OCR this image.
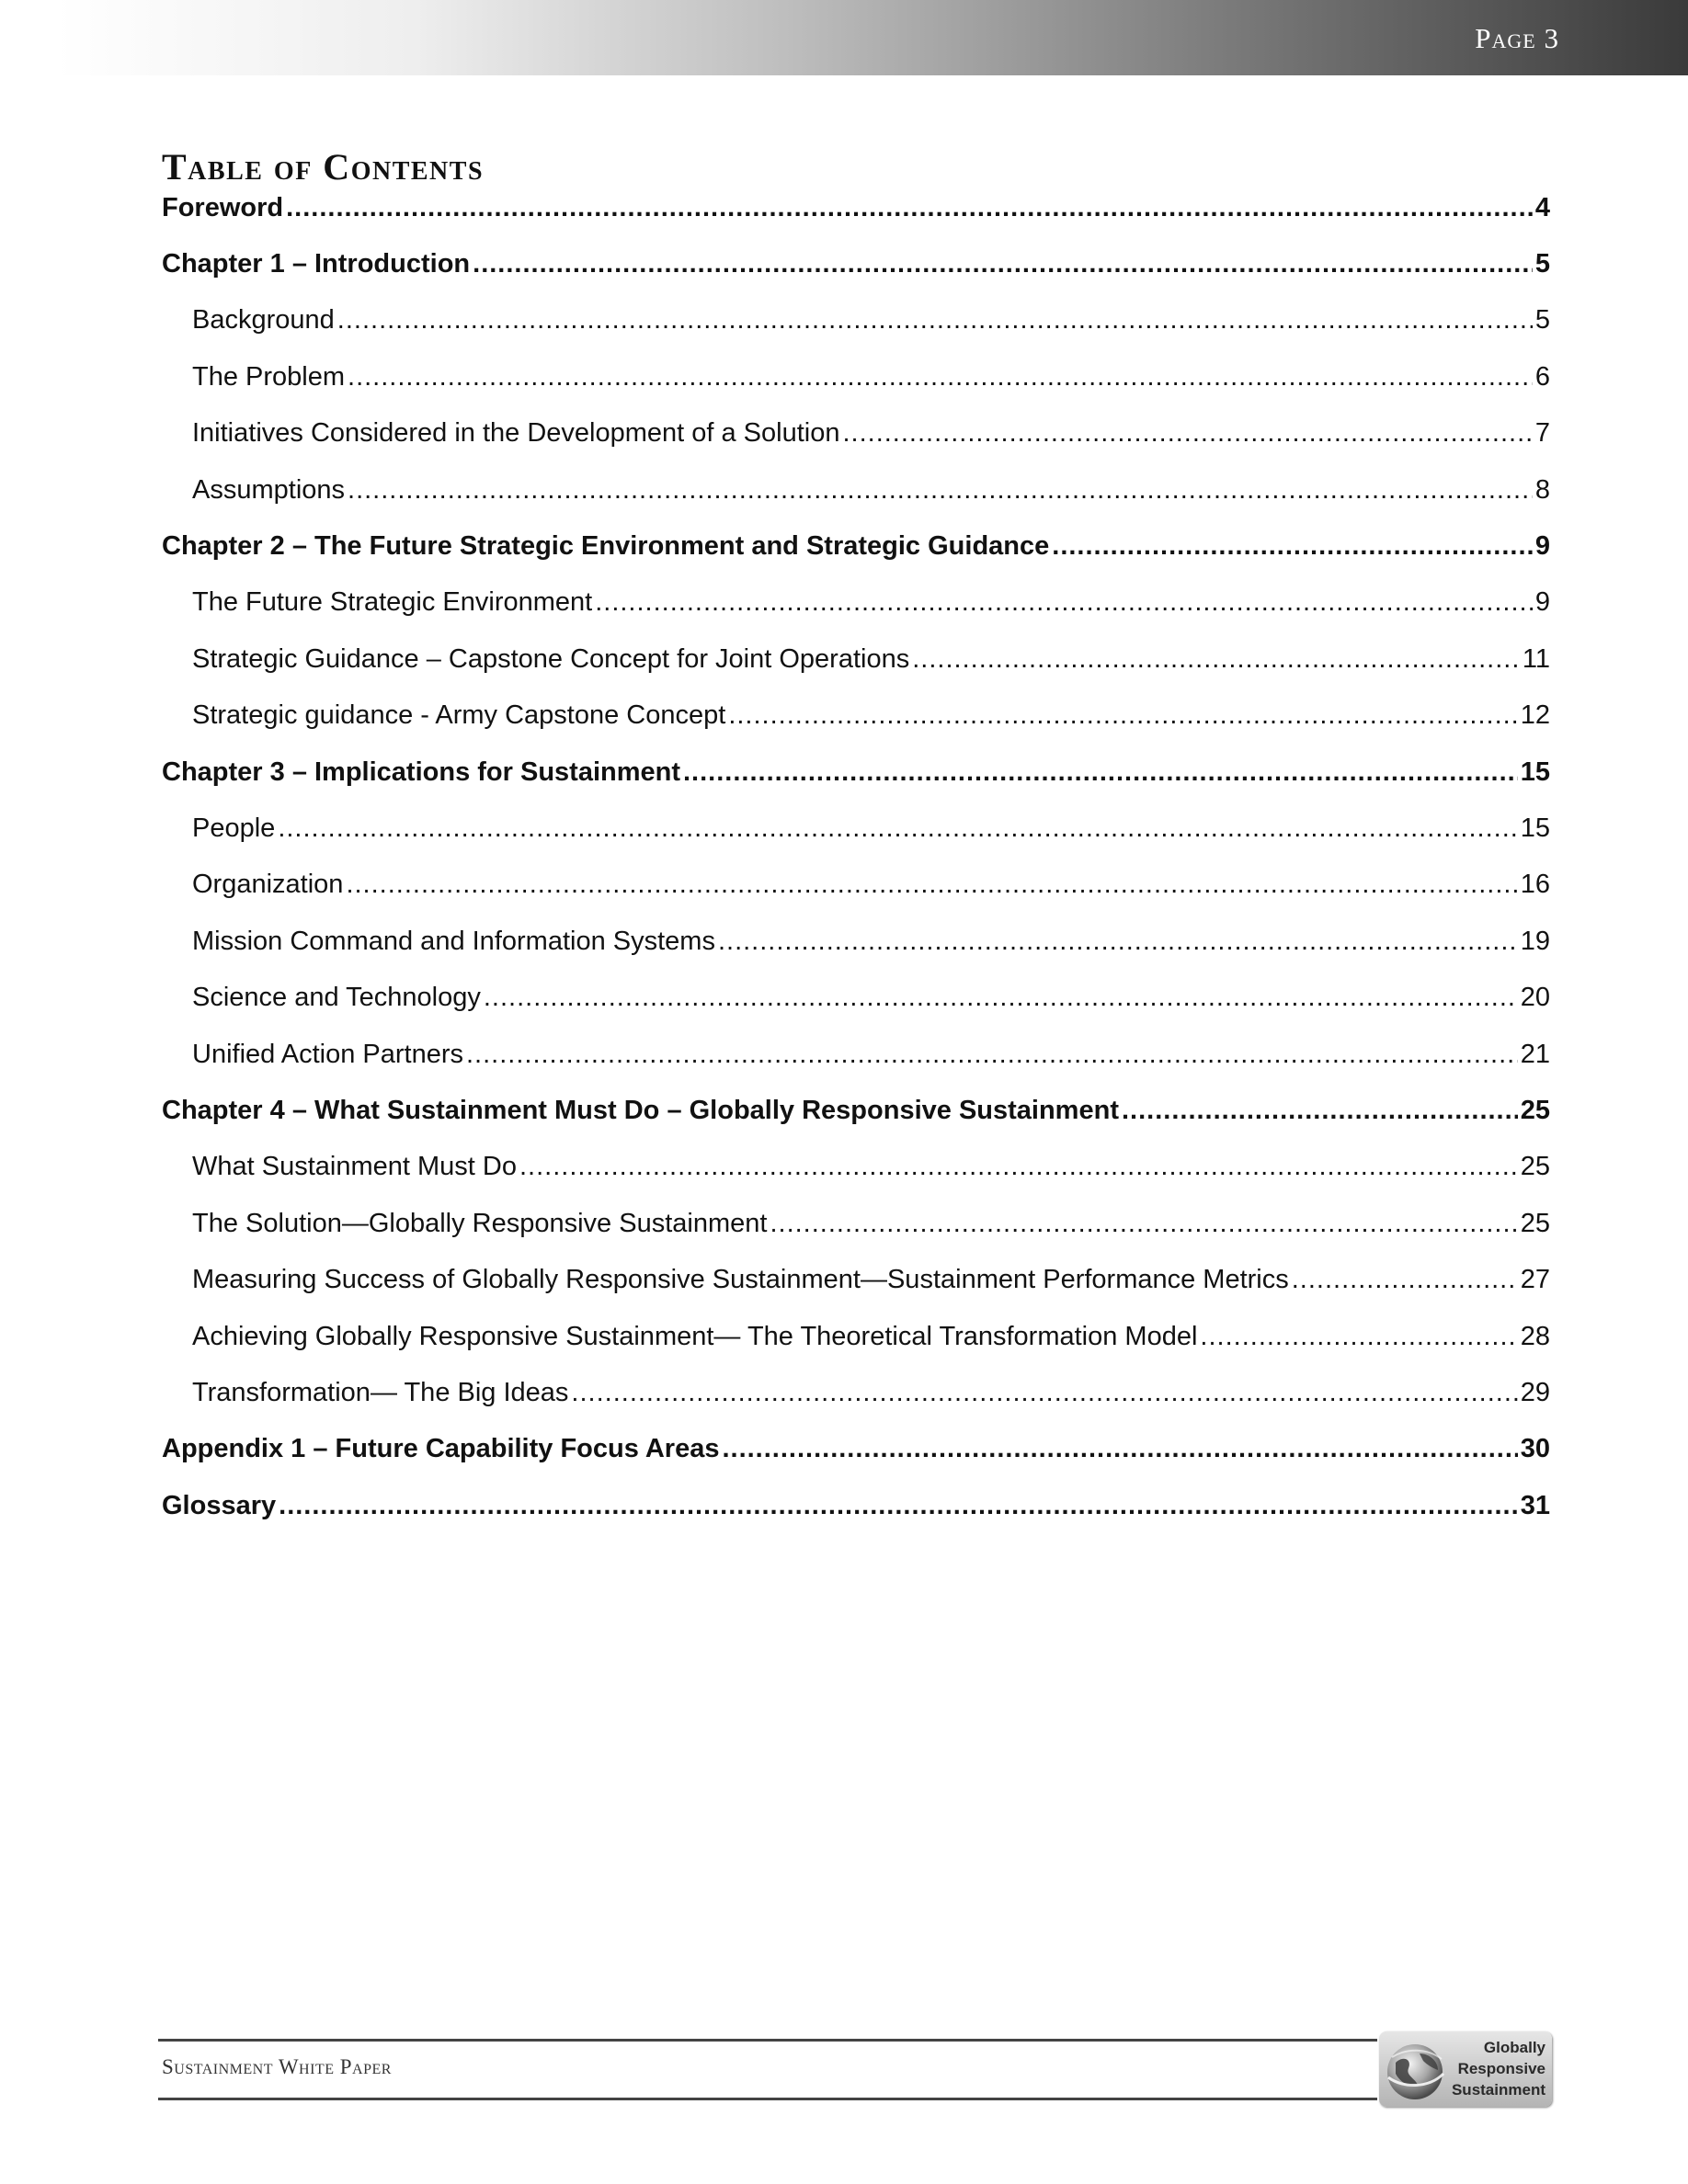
Page 3
Table of Contents
Foreword .....	4
Chapter 1 – Introduction .....	5
Background .....	5
The Problem .....	6
Initiatives Considered in the Development of a Solution .....	7
Assumptions .....	8
Chapter 2 – The Future Strategic Environment and Strategic Guidance .....	9
The Future Strategic Environment .....	9
Strategic Guidance – Capstone Concept for Joint Operations .....	11
Strategic guidance - Army Capstone Concept .....	12
Chapter 3 – Implications for Sustainment .....	15
People .....	15
Organization .....	16
Mission Command and Information Systems .....	19
Science and Technology .....	20
Unified Action Partners .....	21
Chapter 4 – What Sustainment Must Do – Globally Responsive Sustainment .....	25
What Sustainment Must Do .....	25
The Solution—Globally Responsive Sustainment .....	25
Measuring Success of Globally Responsive Sustainment—Sustainment Performance Metrics .....	27
Achieving Globally Responsive Sustainment— The Theoretical Transformation Model .....	28
Transformation— The Big Ideas .....	29
Appendix 1 – Future Capability Focus Areas .....	30
Glossary .....	31
Sustainment White Paper
Globally
Responsive
Sustainment
